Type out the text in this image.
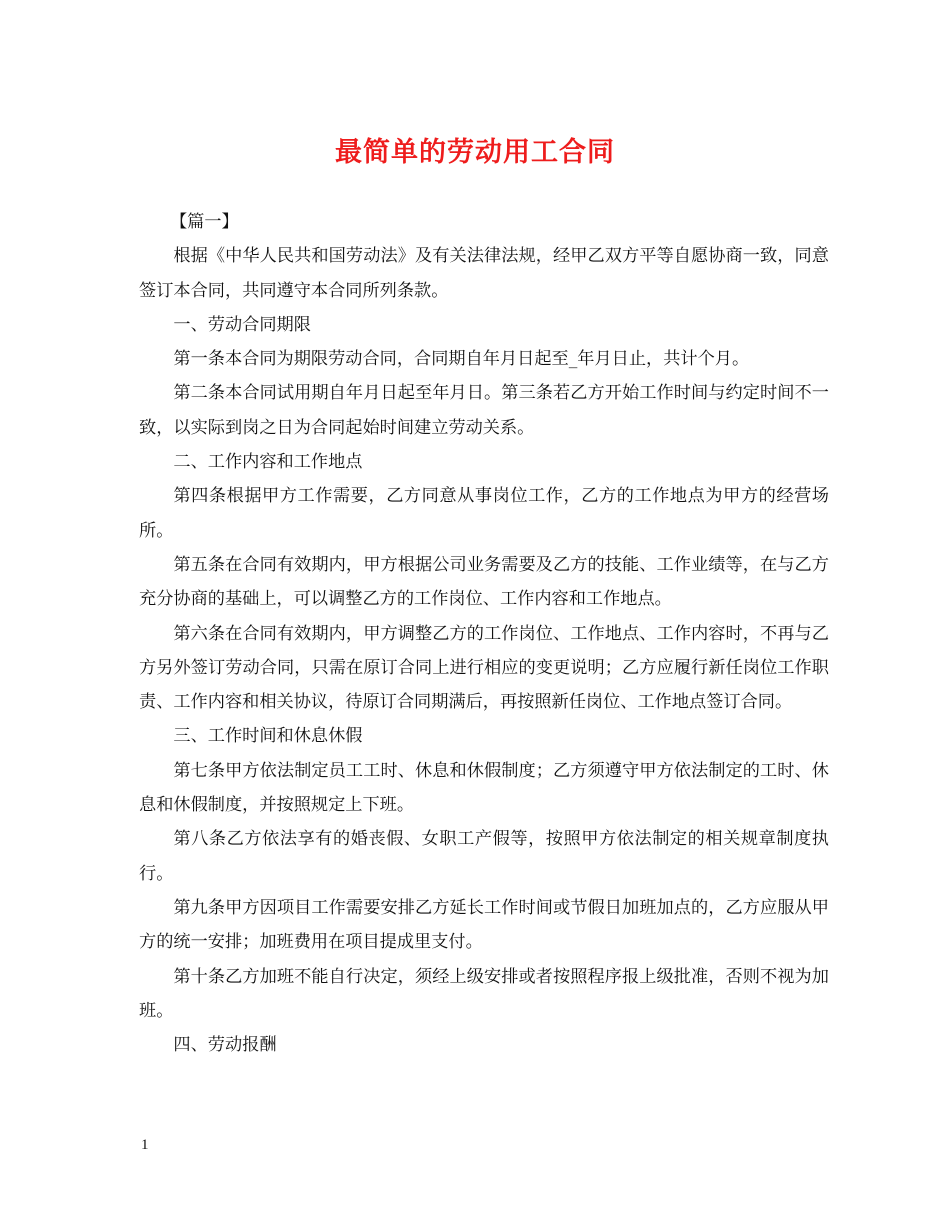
最简单的劳动用工合同

【篇一】

根据《中华人民共和国劳动法》及有关法律法规，经甲乙双方平等自愿协商一致，同意签订本合同，共同遵守本合同所列条款。

一、劳动合同期限

第一条本合同为期限劳动合同，合同期自年月日起至_年月日止，共计个月。

第二条本合同试用期自年月日起至年月日。第三条若乙方开始工作时间与约定时间不一致，以实际到岗之日为合同起始时间建立劳动关系。

二、工作内容和工作地点

第四条根据甲方工作需要，乙方同意从事岗位工作，乙方的工作地点为甲方的经营场所。

第五条在合同有效期内，甲方根据公司业务需要及乙方的技能、工作业绩等，在与乙方充分协商的基础上，可以调整乙方的工作岗位、工作内容和工作地点。

第六条在合同有效期内，甲方调整乙方的工作岗位、工作地点、工作内容时，不再与乙方另外签订劳动合同，只需在原订合同上进行相应的变更说明；乙方应履行新任岗位工作职责、工作内容和相关协议，待原订合同期满后，再按照新任岗位、工作地点签订合同。

三、工作时间和休息休假

第七条甲方依法制定员工工时、休息和休假制度；乙方须遵守甲方依法制定的工时、休息和休假制度，并按照规定上下班。

第八条乙方依法享有的婚丧假、女职工产假等，按照甲方依法制定的相关规章制度执行。

第九条甲方因项目工作需要安排乙方延长工作时间或节假日加班加点的，乙方应服从甲方的统一安排；加班费用在项目提成里支付。

第十条乙方加班不能自行决定，须经上级安排或者按照程序报上级批准，否则不视为加班。

四、劳动报酬

1
